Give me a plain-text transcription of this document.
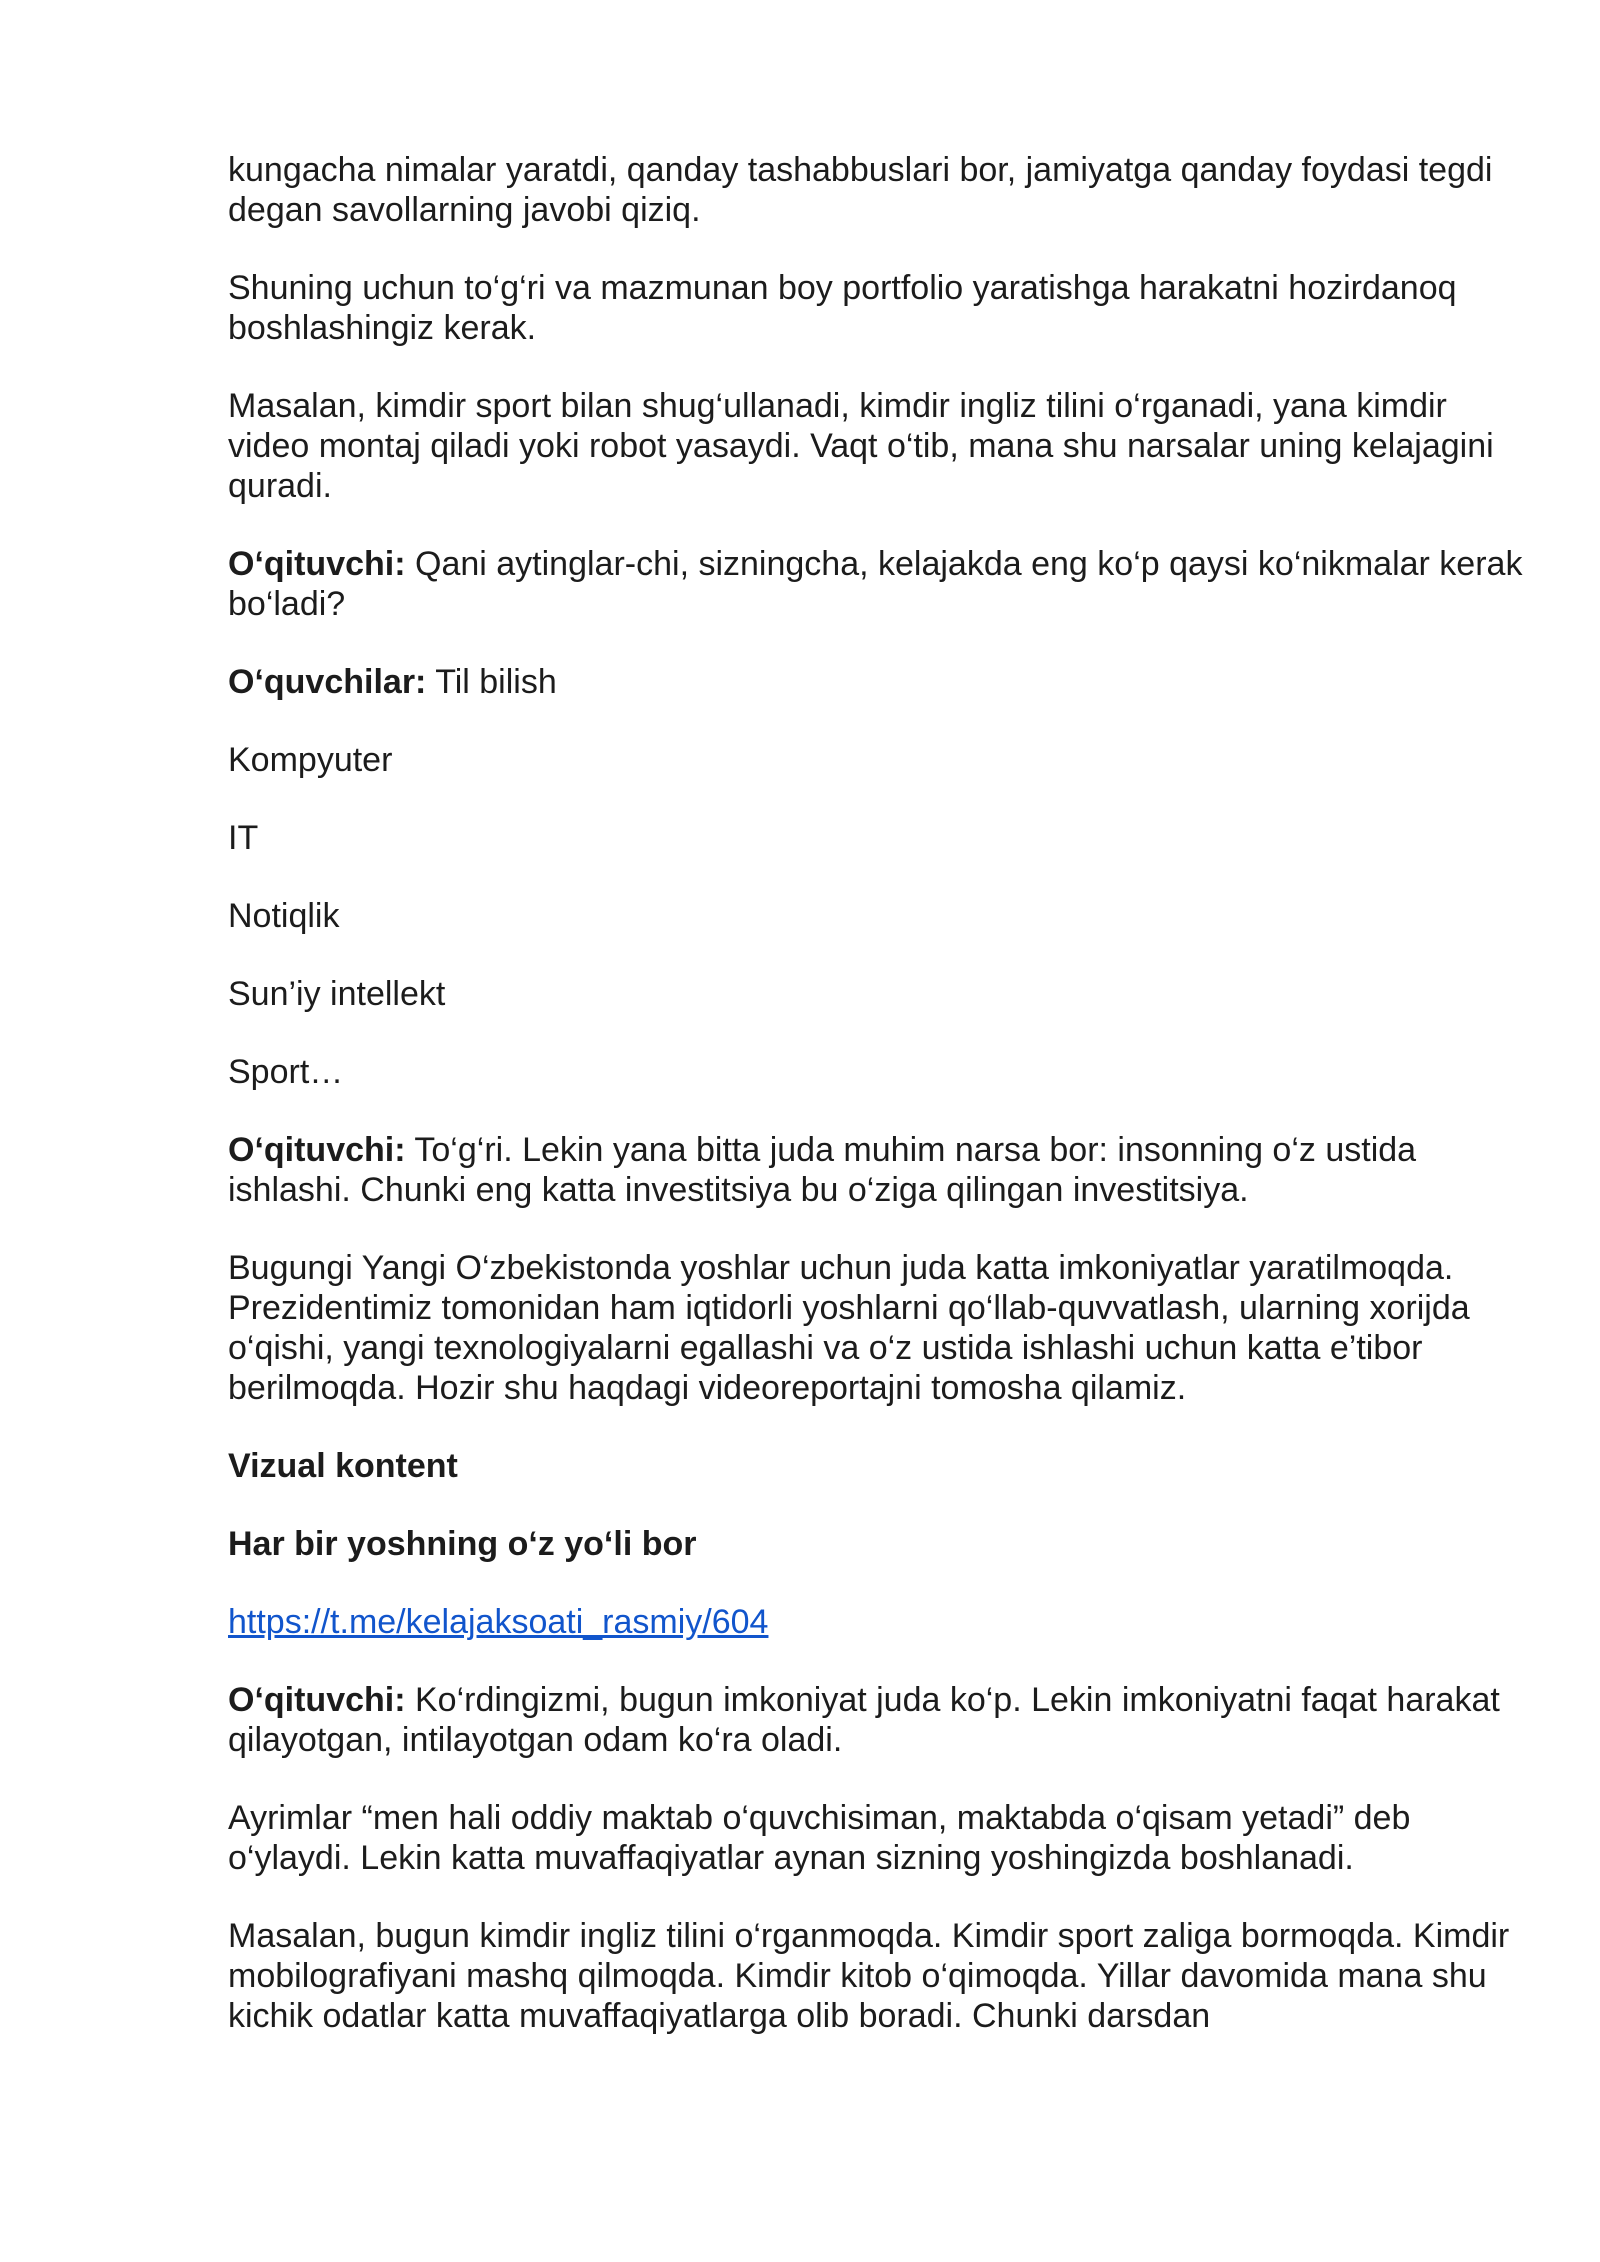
kungacha nimalar yaratdi, qanday tashabbuslari bor, jamiyatga qanday foydasi tegdi degan savollarning javobi qiziq.

Shuning uchun to‘g‘ri va mazmunan boy portfolio yaratishga harakatni hozirdanoq boshlashingiz kerak.

Masalan, kimdir sport bilan shug‘ullanadi, kimdir ingliz tilini o‘rganadi, yana kimdir video montaj qiladi yoki robot yasaydi. Vaqt o‘tib, mana shu narsalar uning kelajagini quradi.

O‘qituvchi: Qani aytinglar-chi, sizningcha, kelajakda eng ko‘p qaysi ko‘nikmalar kerak bo‘ladi?

O‘quvchilar: Til bilish

Kompyuter

IT

Notiqlik

Sun’iy intellekt

Sport…

O‘qituvchi: To‘g‘ri. Lekin yana bitta juda muhim narsa bor: insonning o‘z ustida ishlashi. Chunki eng katta investitsiya bu o‘ziga qilingan investitsiya.

Bugungi Yangi O‘zbekistonda yoshlar uchun juda katta imkoniyatlar yaratilmoqda. Prezidentimiz tomonidan ham iqtidorli yoshlarni qo‘llab-quvvatlash, ularning xorijda o‘qishi, yangi texnologiyalarni egallashi va o‘z ustida ishlashi uchun katta e’tibor berilmoqda. Hozir shu haqdagi videoreportajni tomosha qilamiz.

Vizual kontent

Har bir yoshning o‘z yo‘li bor

https://t.me/kelajaksoati_rasmiy/604

O‘qituvchi: Ko‘rdingizmi, bugun imkoniyat juda ko‘p. Lekin imkoniyatni faqat harakat qilayotgan, intilayotgan odam ko‘ra oladi.

Ayrimlar “men hali oddiy maktab o‘quvchisiman, maktabda o‘qisam yetadi” deb o‘ylaydi. Lekin katta muvaffaqiyatlar aynan sizning yoshingizda boshlanadi.

Masalan, bugun kimdir ingliz tilini o‘rganmoqda. Kimdir sport zaliga bormoqda. Kimdir mobilografiyani mashq qilmoqda. Kimdir kitob o‘qimoqda. Yillar davomida mana shu kichik odatlar katta muvaffaqiyatlarga olib boradi. Chunki darsdan
